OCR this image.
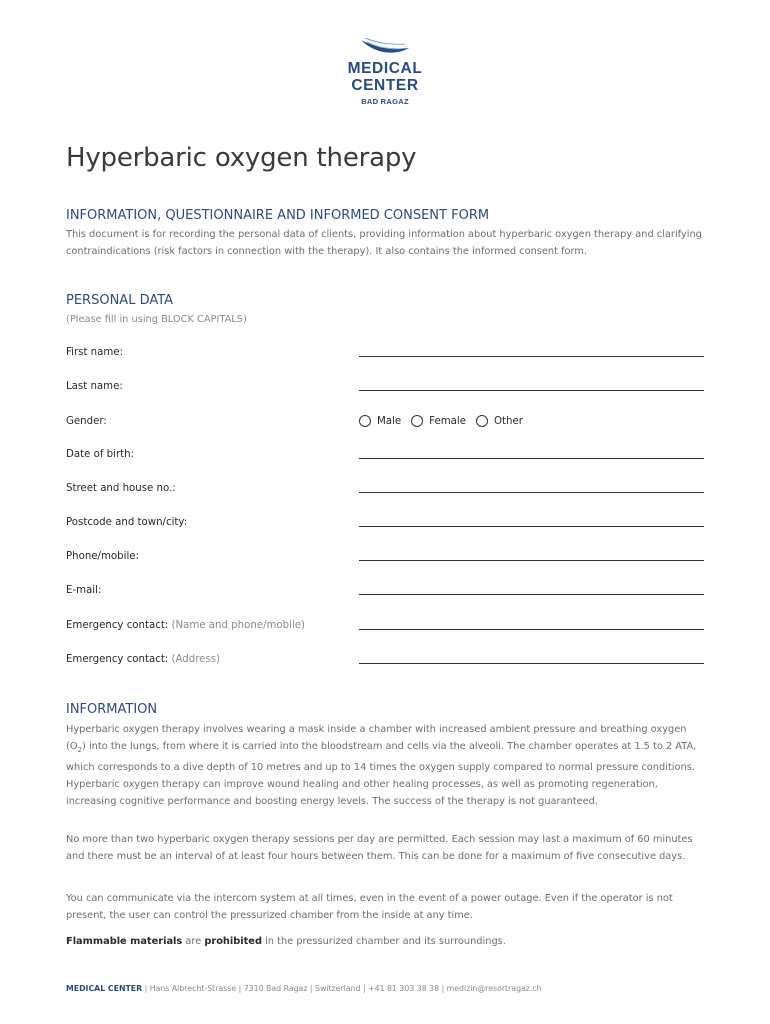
MEDICAL
CENTER
BAD RAGAZ
Hyperbaric oxygen therapy
INFORMATION, QUESTIONNAIRE AND INFORMED CONSENT FORM

This document is for recording the personal data of clients, providing information about hyperbaric oxygen therapy and clarifying contraindications (risk factors in connection with the therapy). It also contains the informed consent form.

PERSONAL DATA
(Please fill in using BLOCK CAPITALS)
First name:
Last name:
Gender:	Male	Female	Other
Date of birth:
Street and house no.:
Postcode and town/city:
Phone/mobile:
E-mail:
Emergency contact: (Name and phone/mobile)
Emergency contact: (Address)
INFORMATION

Hyperbaric oxygen therapy involves wearing a mask inside a chamber with increased ambient pressure and breathing oxygen $(O_2)$ into the lungs, from where it is carried into the bloodstream and cells via the alveoli. The chamber operates at 1.5 to 2 ATA, which corresponds to a dive depth of 10 metres and up to 14 times the oxygen supply compared to normal pressure conditions. Hyperbaric oxygen therapy can improve wound healing and other healing processes, as well as promoting regeneration, increasing cognitive performance and boosting energy levels. The success of the therapy is not guaranteed.

No more than two hyperbaric oxygen therapy sessions per day are permitted. Each session may last a maximum of 60 minutes and there must be an interval of at least four hours between them. This can be done for a maximum of five consecutive days.

You can communicate via the intercom system at all times, even in the event of a power outage. Even if the operator is not present, the user can control the pressurized chamber from the inside at any time.

Flammable materials are prohibited in the pressurized chamber and its surroundings.

MEDICAL CENTER | Hans Albrecht-Strasse | 7310 Bad Ragaz | Switzerland | +41 81 303 38 38 | medizin@resortragaz.ch
